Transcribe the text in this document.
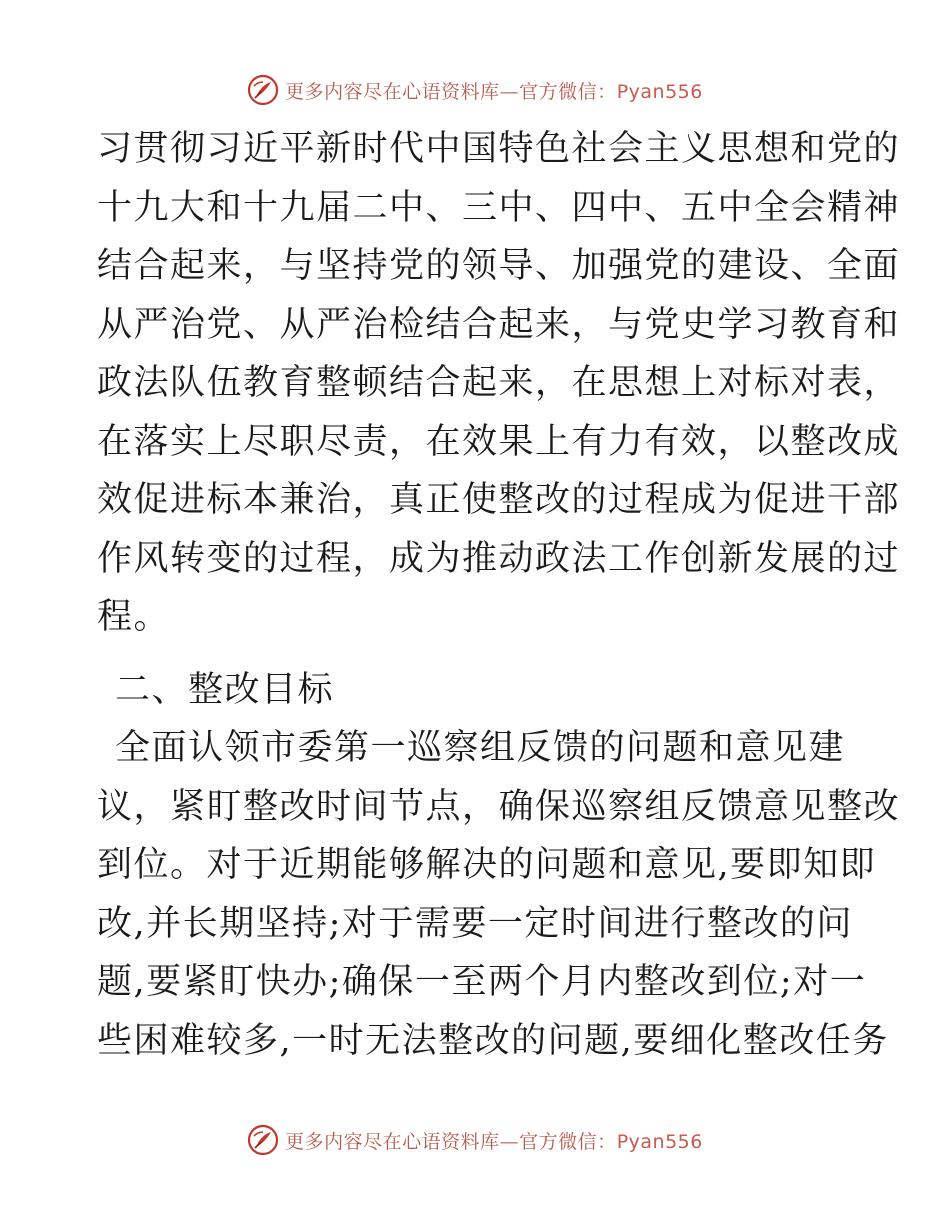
更多内容尽在心语资料库—官方微信：Pyan556
习贯彻习近平新时代中国特色社会主义思想和党的
十九大和十九届二中、三中、四中、五中全会精神
结合起来，与坚持党的领导、加强党的建设、全面
从严治党、从严治检结合起来，与党史学习教育和
政法队伍教育整顿结合起来，在思想上对标对表，
在落实上尽职尽责，在效果上有力有效，以整改成
效促进标本兼治，真正使整改的过程成为促进干部
作风转变的过程，成为推动政法工作创新发展的过
程。
二、整改目标
全面认领市委第一巡察组反馈的问题和意见建
议，紧盯整改时间节点，确保巡察组反馈意见整改
到位。对于近期能够解决的问题和意见,要即知即
改,并长期坚持;对于需要一定时间进行整改的问
题,要紧盯快办;确保一至两个月内整改到位;对一
些困难较多,一时无法整改的问题,要细化整改任务
更多内容尽在心语资料库—官方微信：Pyan556
